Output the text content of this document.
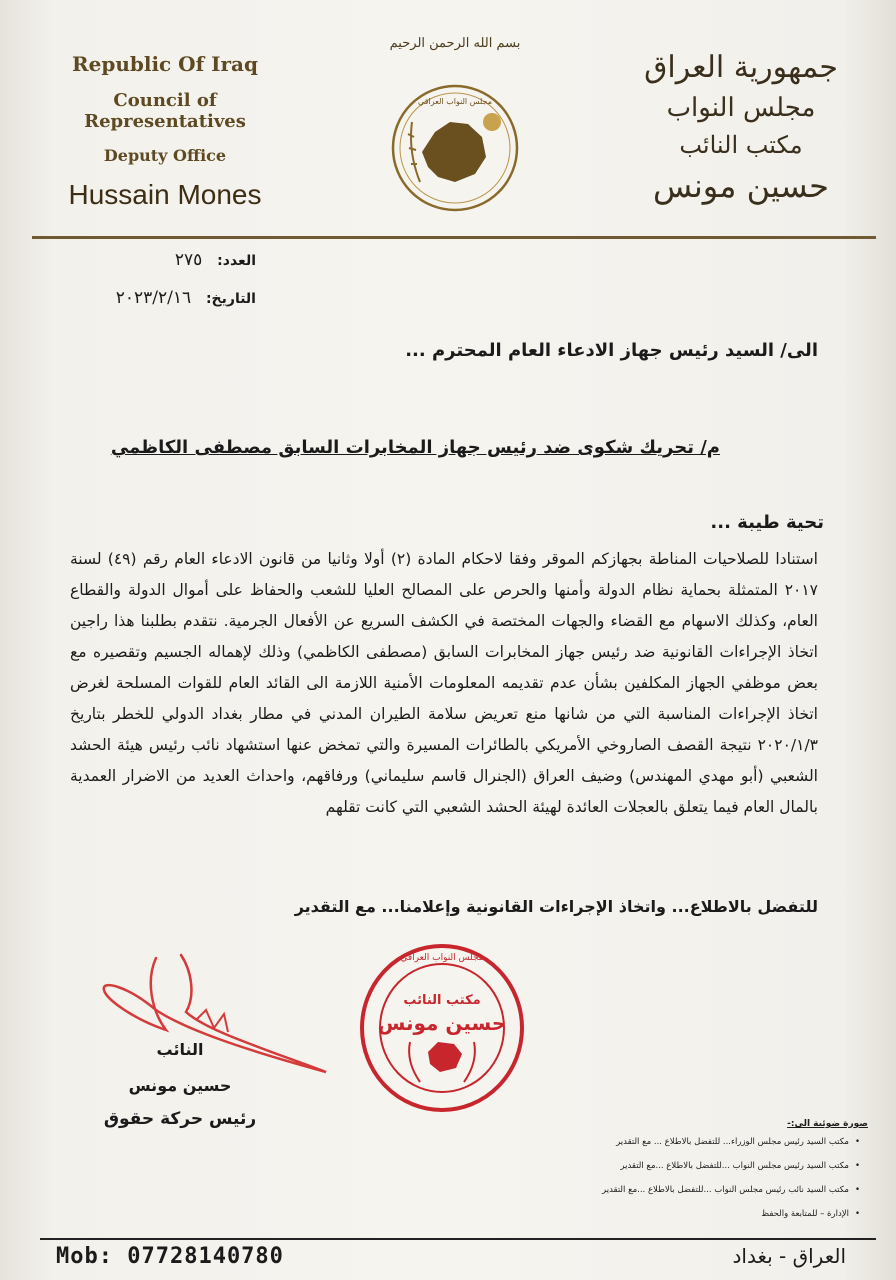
Republic Of Iraq
Council of Representatives
Deputy Office
Hussain Mones
بسم الله الرحمن الرحيم
مجلس النواب العراقي
جمهورية العراق
مجلس النواب
مكتب النائب
حسين مونس
العدد: ٢٧٥
التاريخ: ٢٠٢٣/٢/١٦
الى/ السيد رئيس جهاز الادعاء العام المحترم ...
م/ تحريك شكوى ضد رئيس جهاز المخابرات السابق مصطفى الكاظمي
تحية طيبة ...
استنادا للصلاحيات المناطة بجهازكم الموقر وفقا لاحكام المادة (٢) أولا وثانيا من قانون الادعاء العام رقم (٤٩) لسنة ٢٠١٧ المتمثلة بحماية نظام الدولة وأمنها والحرص على المصالح العليا للشعب والحفاظ على أموال الدولة والقطاع العام، وكذلك الاسهام مع القضاء والجهات المختصة في الكشف السريع عن الأفعال الجرمية. نتقدم بطلبنا هذا راجين اتخاذ الإجراءات القانونية ضد رئيس جهاز المخابرات السابق (مصطفى الكاظمي) وذلك لإهماله الجسيم وتقصيره مع بعض موظفي الجهاز المكلفين بشأن عدم تقديمه المعلومات الأمنية اللازمة الى القائد العام للقوات المسلحة لغرض اتخاذ الإجراءات المناسبة التي من شانها منع تعريض سلامة الطيران المدني في مطار بغداد الدولي للخطر بتاريخ ٢٠٢٠/١/٣ نتيجة القصف الصاروخي الأمريكي بالطائرات المسيرة والتي تمخض عنها استشهاد نائب رئيس هيئة الحشد الشعبي (أبو مهدي المهندس) وضيف العراق (الجنرال قاسم سليماني) ورفاقهم، واحداث العديد من الاضرار العمدية بالمال العام فيما يتعلق بالعجلات العائدة لهيئة الحشد الشعبي التي كانت تقلهم
للتفضل بالاطلاع... واتخاذ الإجراءات القانونية وإعلامنا... مع التقدير
النائب
حسين مونس
رئيس حركة حقوق
مجلس النواب العراقي
مكتب النائب
حسين مونس
صورة ضوئية الى:-
• مكتب السيد رئيس مجلس الوزراء... للتفضل بالاطلاع ... مع التقدير
• مكتب السيد رئيس مجلس النواب ...للتفضل بالاطلاع ...مع التقدير
• مكتب السيد نائب رئيس مجلس النواب ...للتفضل بالاطلاع ...مع التقدير
• الإدارة – للمتابعة والحفظ
Mob: 07728140780	العراق - بغداد
